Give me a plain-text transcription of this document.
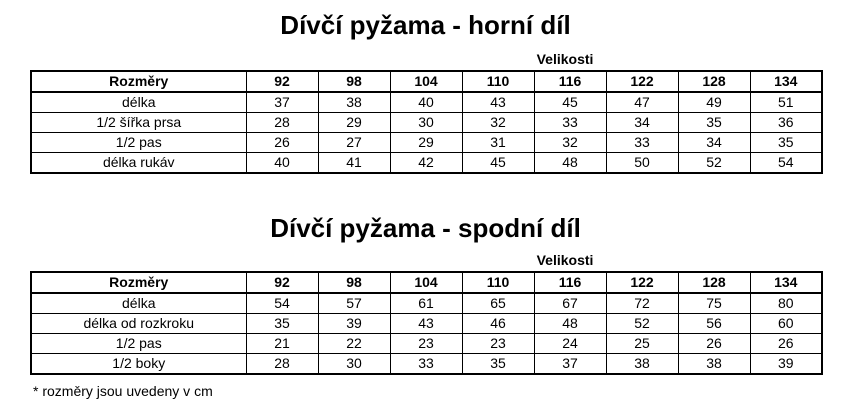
Dívčí pyžama - horní díl
Velikosti
Rozměry	92	98	104	110	116	122	128	134
délka	37	38	40	43	45	47	49	51
1/2 šířka prsa	28	29	30	32	33	34	35	36
1/2 pas	26	27	29	31	32	33	34	35
délka rukáv	40	41	42	45	48	50	52	54
Dívčí pyžama - spodní díl
Velikosti
Rozměry	92	98	104	110	116	122	128	134
délka	54	57	61	65	67	72	75	80
délka od rozkroku	35	39	43	46	48	52	56	60
1/2 pas	21	22	23	23	24	25	26	26
1/2 boky	28	30	33	35	37	38	38	39
* rozměry jsou uvedeny v cm
